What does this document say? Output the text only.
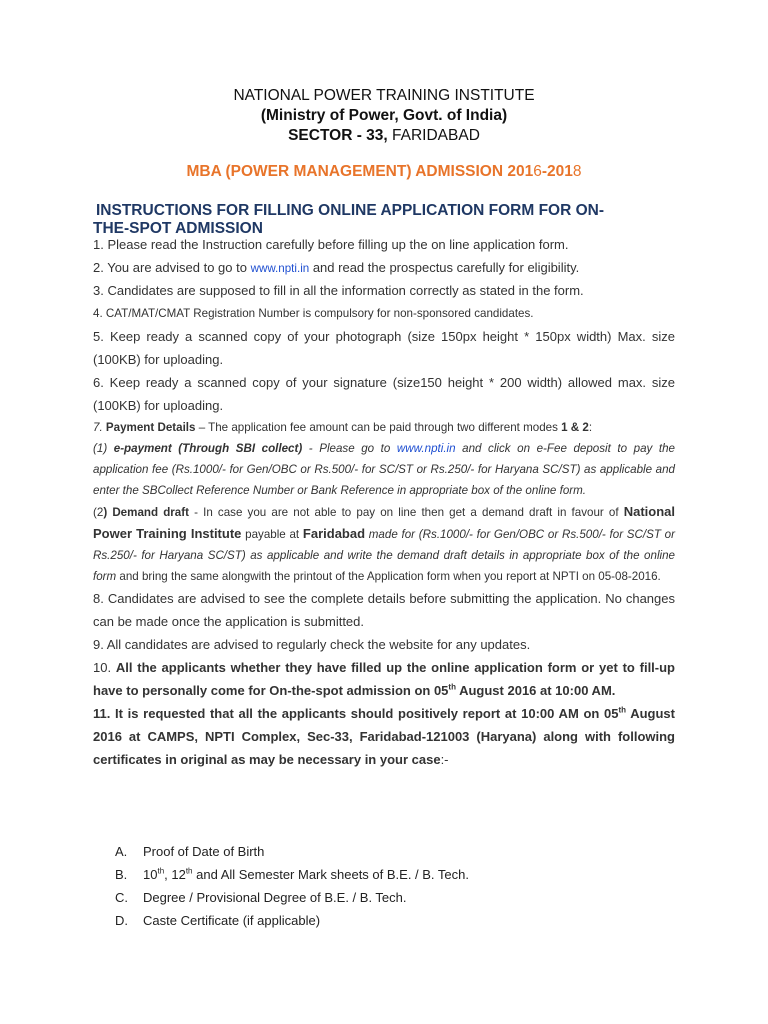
NATIONAL POWER TRAINING INSTITUTE
(Ministry of Power, Govt. of India)
SECTOR - 33, FARIDABAD
MBA (POWER MANAGEMENT) ADMISSION 2016-2018
INSTRUCTIONS FOR FILLING ONLINE APPLICATION FORM FOR ON-
THE-SPOT ADMISSION
1. Please read the Instruction carefully before filling up the on line application form.
2. You are advised to go to www.npti.in and read the prospectus carefully for eligibility.
3. Candidates are supposed to fill in all the information correctly as stated in the form.
4. CAT/MAT/CMAT Registration Number is compulsory for non-sponsored candidates.
5. Keep ready a scanned copy of your photograph (size 150px height * 150px width) Max. size (100KB) for uploading.
6. Keep ready a scanned copy of your signature (size150 height * 200 width) allowed max. size (100KB) for uploading.
7. Payment Details – The application fee amount can be paid through two different modes 1 & 2:
(1) e-payment (Through SBI collect) - Please go to www.npti.in and click on e-Fee deposit to pay the application fee (Rs.1000/- for Gen/OBC or Rs.500/- for SC/ST or Rs.250/- for Haryana SC/ST) as applicable and enter the SBCollect Reference Number or Bank Reference in appropriate box of the online form.
(2) Demand draft - In case you are not able to pay on line then get a demand draft in favour of National Power Training Institute payable at Faridabad made for (Rs.1000/- for Gen/OBC or Rs.500/- for SC/ST or Rs.250/- for Haryana SC/ST) as applicable and write the demand draft details in appropriate box of the online form and bring the same alongwith the printout of the Application form when you report at NPTI on 05-08-2016.
8. Candidates are advised to see the complete details before submitting the application. No changes can be made once the application is submitted.
9. All candidates are advised to regularly check the website for any updates.
10. All the applicants whether they have filled up the online application form or yet to fill-up have to personally come for On-the-spot admission on 05th August 2016 at 10:00 AM.
11. It is requested that all the applicants should positively report at 10:00 AM on 05th August 2016 at CAMPS, NPTI Complex, Sec-33, Faridabad-121003 (Haryana) along with following certificates in original as may be necessary in your case:-
A.	Proof of Date of Birth
B.	10th, 12th and All Semester Mark sheets of B.E. / B. Tech.
C.	Degree / Provisional Degree of B.E. / B. Tech.
D.	Caste Certificate (if applicable)
